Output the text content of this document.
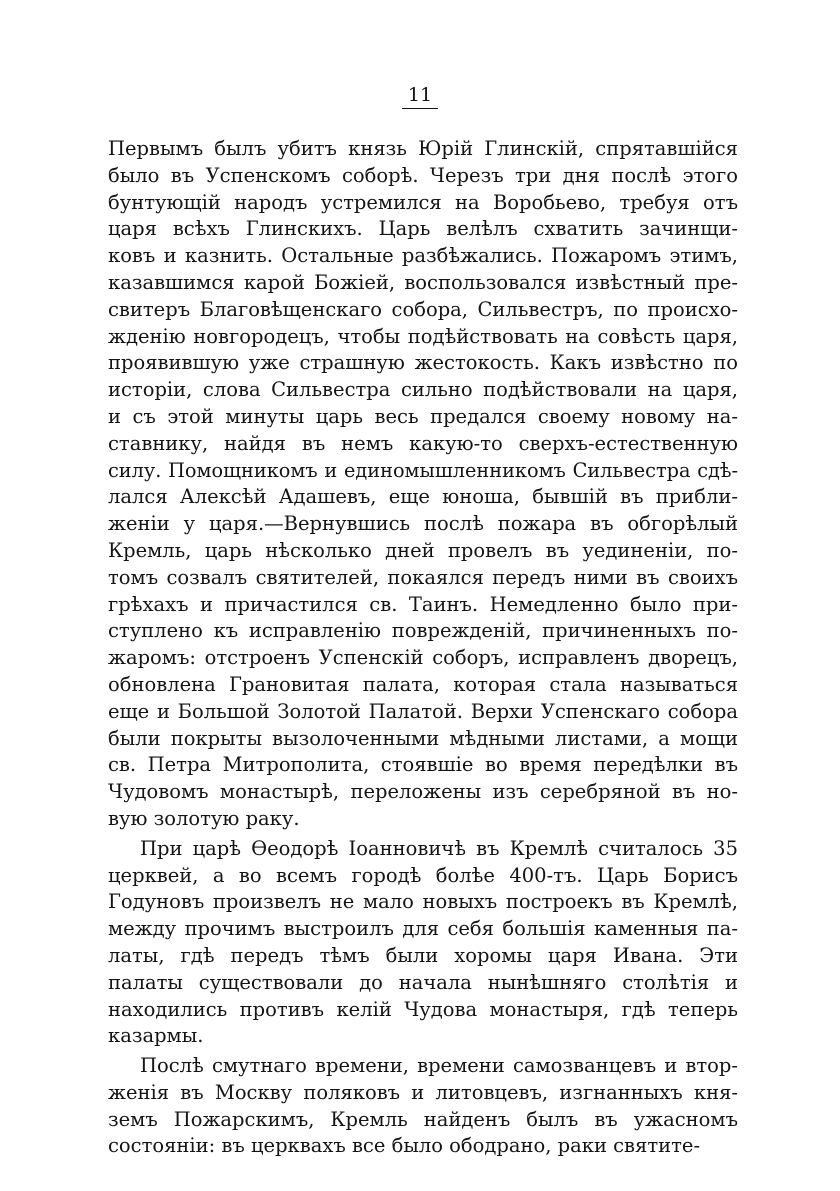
11
Первымъ былъ убитъ князь Юрій Глинскій, спрятавшійся
было въ Успенскомъ соборѣ. Черезъ три дня послѣ этого
бунтующій народъ устремился на Воробьево, требуя отъ
царя всѣхъ Глинскихъ. Царь велѣлъ схватить зачинщи-
ковъ и казнить. Остальные разбѣжались. Пожаромъ этимъ,
казавшимся карой Божіей, воспользовался извѣстный пре-
свитеръ Благовѣщенскаго собора, Сильвестръ, по происхо-
жденію новгородецъ, чтобы подѣйствовать на совѣсть царя,
проявившую уже страшную жестокость. Какъ извѣстно по
исторіи, слова Сильвестра сильно подѣйствовали на царя,
и съ этой минуты царь весь предался своему новому на-
ставнику, найдя въ немъ какую-то сверхъ-естественную
силу. Помощникомъ и единомышленникомъ Сильвестра сдѣ-
лался Алексѣй Адашевъ, еще юноша, бывшій въ прибли-
женіи у царя.—Вернувшись послѣ пожара въ обгорѣлый
Кремль, царь нѣсколько дней провелъ въ уединеніи, по-
томъ созвалъ святителей, покаялся передъ ними въ своихъ
грѣхахъ и причастился св. Таинъ. Немедленно было при-
ступлено къ исправленію поврежденій, причиненныхъ по-
жаромъ: отстроенъ Успенскій соборъ, исправленъ дворецъ,
обновлена Грановитая палата, которая стала называться
еще и Большой Золотой Палатой. Верхи Успенскаго собора
были покрыты вызолоченными мѣдными листами, а мощи
св. Петра Митрополита, стоявшіе во время передѣлки въ
Чудовомъ монастырѣ, переложены изъ серебряной въ но-
вую золотую раку.
При царѣ Ѳеодорѣ Іоанновичѣ въ Кремлѣ считалось 35
церквей, а во всемъ городѣ болѣе 400-тъ. Царь Борисъ
Годуновъ произвелъ не мало новыхъ построекъ въ Кремлѣ,
между прочимъ выстроилъ для себя большія каменныя па-
латы, гдѣ передъ тѣмъ были хоромы царя Ивана. Эти
палаты существовали до начала нынѣшняго столѣтія и
находились противъ келій Чудова монастыря, гдѣ теперь
казармы.
Послѣ смутнаго времени, времени самозванцевъ и втор-
женія въ Москву поляковъ и литовцевъ, изгнанныхъ кня-
земъ Пожарскимъ, Кремль найденъ былъ въ ужасномъ
состояніи: въ церквахъ все было ободрано, раки святите-
